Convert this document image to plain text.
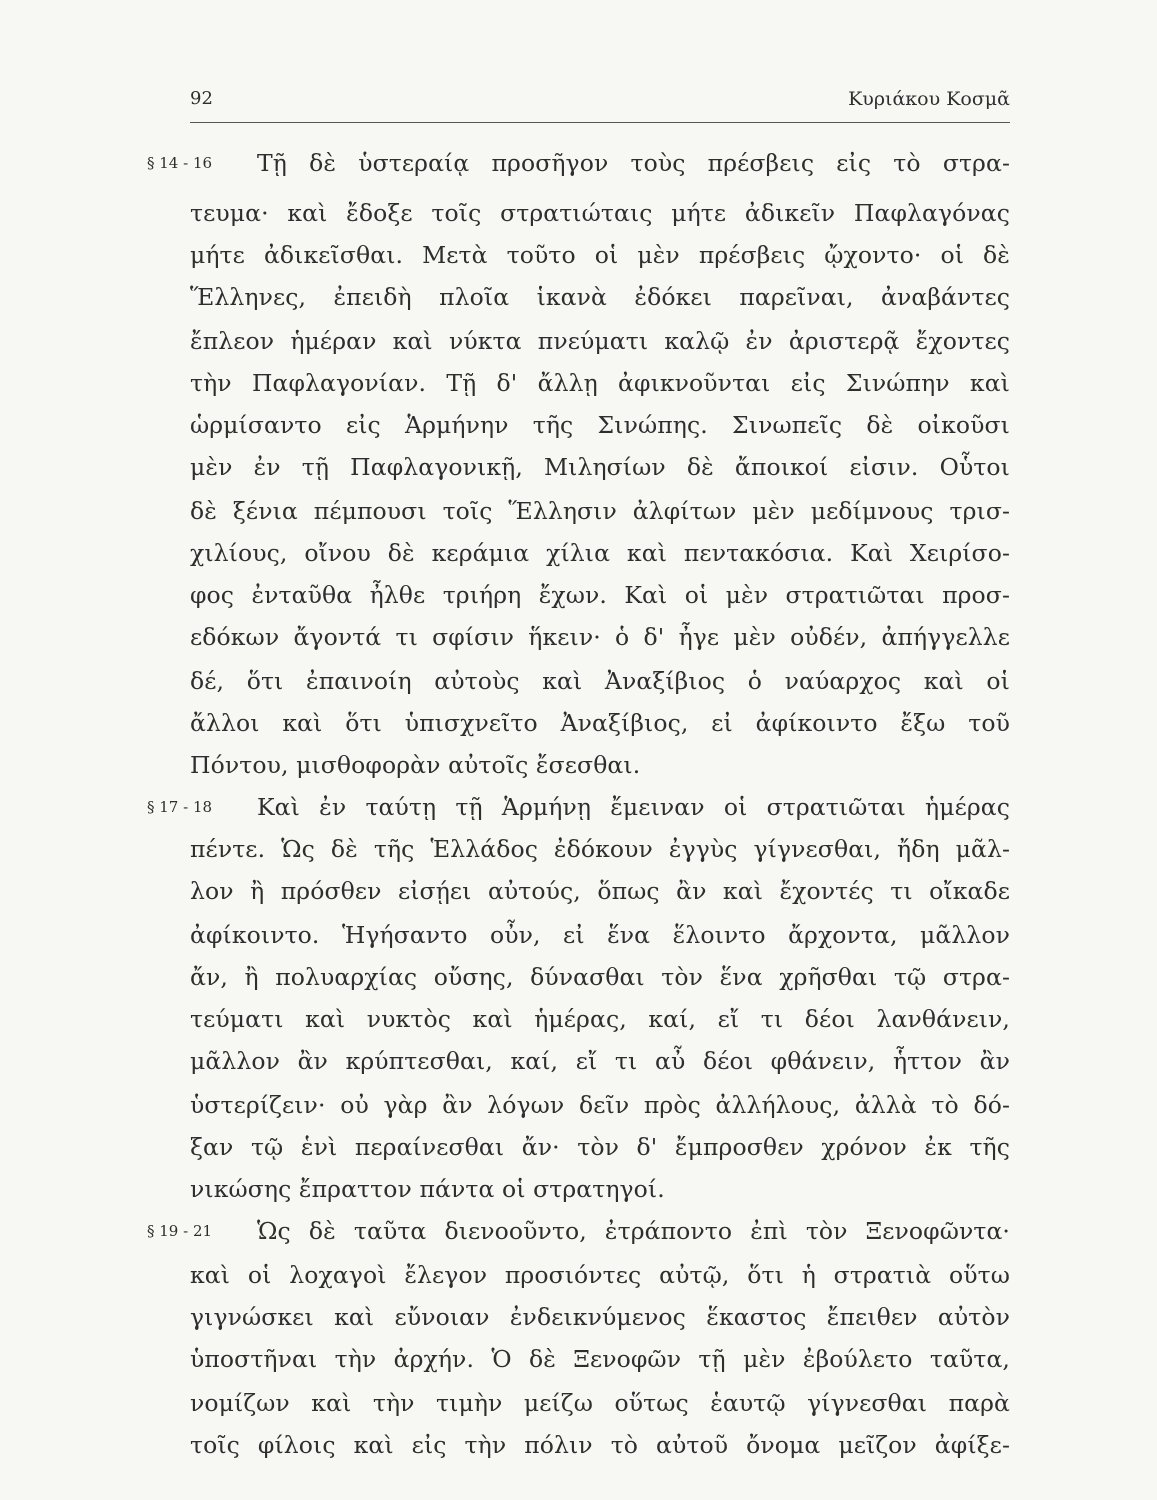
92	Κυριάκου Κοσμᾶ
§ 14 - 16 Τῇ δὲ ὑστεραίᾳ προσῆγον τοὺς πρέσβεις εἰς τὸ στρα-
τευμα· καὶ ἔδοξε τοῖς στρατιώταις μήτε ἀδικεῖν Παφλαγόνας
μήτε ἀδικεῖσθαι. Μετὰ τοῦτο οἱ μὲν πρέσβεις ᾤχοντο· οἱ δὲ
Ἕλληνες, ἐπειδὴ πλοῖα ἱκανὰ ἐδόκει παρεῖναι, ἀναβάντες
ἔπλεον ἡμέραν καὶ νύκτα πνεύματι καλῷ ἐν ἀριστερᾷ ἔχοντες
τὴν Παφλαγονίαν. Τῇ δ' ἄλλῃ ἀφικνοῦνται εἰς Σινώπην καὶ
ὡρμίσαντο εἰς Ἁρμήνην τῆς Σινώπης. Σινωπεῖς δὲ οἰκοῦσι
μὲν ἐν τῇ Παφλαγονικῇ, Μιλησίων δὲ ἄποικοί εἰσιν. Οὗτοι
δὲ ξένια πέμπουσι τοῖς Ἕλλησιν ἀλφίτων μὲν μεδίμνους τρισ-
χιλίους, οἴνου δὲ κεράμια χίλια καὶ πεντακόσια. Καὶ Χειρίσο-
φος ἐνταῦθα ἦλθε τριήρη ἔχων. Καὶ οἱ μὲν στρατιῶται προσ-
εδόκων ἄγοντά τι σφίσιν ἥκειν· ὁ δ' ἦγε μὲν οὐδέν, ἀπήγγελλε
δέ, ὅτι ἐπαινοίη αὐτοὺς καὶ Ἀναξίβιος ὁ ναύαρχος καὶ οἱ
ἄλλοι καὶ ὅτι ὑπισχνεῖτο Ἀναξίβιος, εἰ ἀφίκοιντο ἔξω τοῦ
Πόντου, μισθοφορὰν αὐτοῖς ἔσεσθαι.
§ 17 - 18 Καὶ ἐν ταύτῃ τῇ Ἁρμήνῃ ἔμειναν οἱ στρατιῶται ἡμέρας
πέντε. Ὡς δὲ τῆς Ἑλλάδος ἐδόκουν ἐγγὺς γίγνεσθαι, ἤδη μᾶλ-
λον ἢ πρόσθεν εἰσῄει αὐτούς, ὅπως ἂν καὶ ἔχοντές τι οἴκαδε
ἀφίκοιντο. Ἡγήσαντο οὖν, εἰ ἕνα ἕλοιντο ἄρχοντα, μᾶλλον
ἄν, ἢ πολυαρχίας οὔσης, δύνασθαι τὸν ἕνα χρῆσθαι τῷ στρα-
τεύματι καὶ νυκτὸς καὶ ἡμέρας, καί, εἴ τι δέοι λανθάνειν,
μᾶλλον ἂν κρύπτεσθαι, καί, εἴ τι αὖ δέοι φθάνειν, ἧττον ἂν
ὑστερίζειν· οὐ γὰρ ἂν λόγων δεῖν πρὸς ἀλλήλους, ἀλλὰ τὸ δό-
ξαν τῷ ἑνὶ περαίνεσθαι ἄν· τὸν δ' ἔμπροσθεν χρόνον ἐκ τῆς
νικώσης ἔπραττον πάντα οἱ στρατηγοί.
§ 19 - 21 Ὡς δὲ ταῦτα διενοοῦντο, ἐτράποντο ἐπὶ τὸν Ξενοφῶντα·
καὶ οἱ λοχαγοὶ ἔλεγον προσιόντες αὐτῷ, ὅτι ἡ στρατιὰ οὕτω
γιγνώσκει καὶ εὔνοιαν ἐνδεικνύμενος ἕκαστος ἔπειθεν αὐτὸν
ὑποστῆναι τὴν ἀρχήν. Ὁ δὲ Ξενοφῶν τῇ μὲν ἐβούλετο ταῦτα,
νομίζων καὶ τὴν τιμὴν μείζω οὕτως ἑαυτῷ γίγνεσθαι παρὰ
τοῖς φίλοις καὶ εἰς τὴν πόλιν τὸ αὐτοῦ ὄνομα μεῖζον ἀφίξε-
